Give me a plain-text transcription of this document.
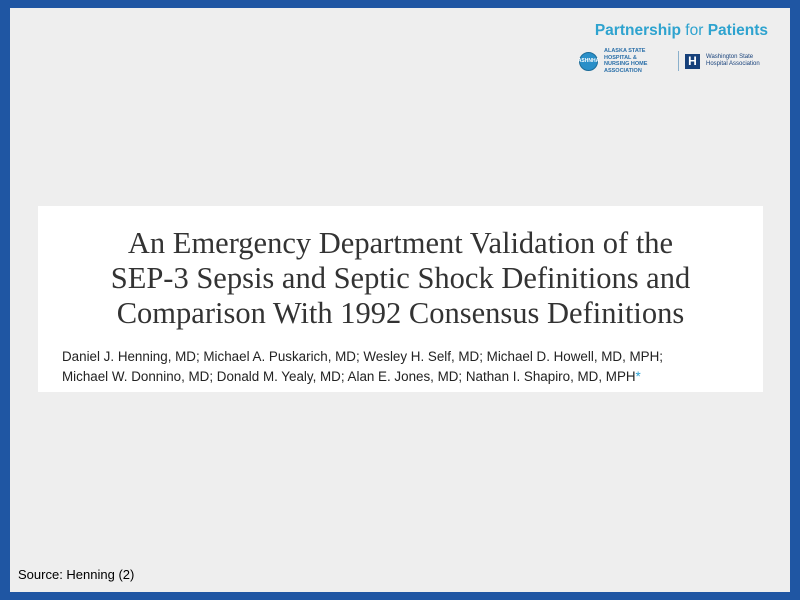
Partnership for Patients
ASHNHA
ALASKA STATE HOSPITAL &
NURSING HOME ASSOCIATION
H	Washington State
Hospital Association
An Emergency Department Validation of the
SEP-3 Sepsis and Septic Shock Definitions and
Comparison With 1992 Consensus Definitions
Daniel J. Henning, MD; Michael A. Puskarich, MD; Wesley H. Self, MD; Michael D. Howell, MD, MPH;
Michael W. Donnino, MD; Donald M. Yealy, MD; Alan E. Jones, MD; Nathan I. Shapiro, MD, MPH*
Source: Henning (2)
